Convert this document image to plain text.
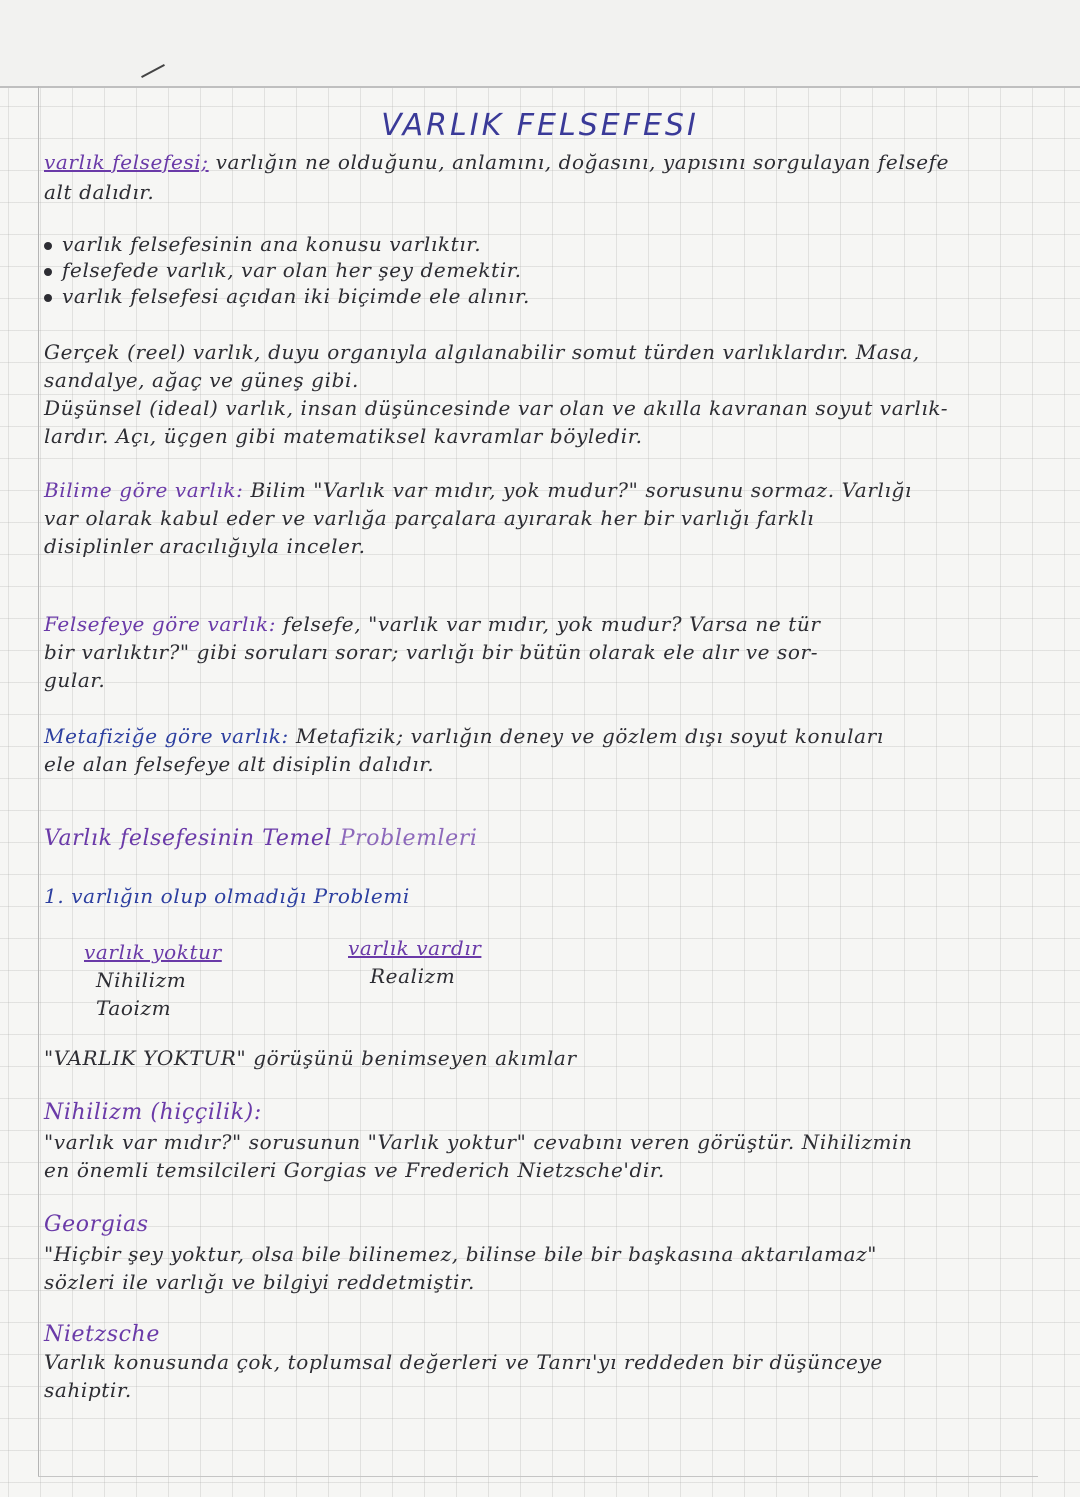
VARLIK FELSEFESI
varlık felsefesi; varlığın ne olduğunu, anlamını, doğasını, yapısını sorgulayan felsefe
alt dalıdır.
varlık felsefesinin ana konusu varlıktır.
felsefede varlık, var olan her şey demektir.
varlık felsefesi açıdan iki biçimde ele alınır.
Gerçek (reel) varlık, duyu organıyla algılanabilir somut türden varlıklardır. Masa,
sandalye, ağaç ve güneş gibi.
Düşünsel (ideal) varlık, insan düşüncesinde var olan ve akılla kavranan soyut varlık-
lardır. Açı, üçgen gibi matematiksel kavramlar böyledir.
Bilime göre varlık: Bilim "Varlık var mıdır, yok mudur?" sorusunu sormaz. Varlığı
var olarak kabul eder ve varlığa parçalara ayırarak her bir varlığı farklı
disiplinler aracılığıyla inceler.
Felsefeye göre varlık: felsefe, "varlık var mıdır, yok mudur? Varsa ne tür
bir varlıktır?" gibi soruları sorar; varlığı bir bütün olarak ele alır ve sor-
gular.
Metafiziğe göre varlık: Metafizik; varlığın deney ve gözlem dışı soyut konuları
ele alan felsefeye alt disiplin dalıdır.
Varlık felsefesinin Temel Problemleri
1. varlığın olup olmadığı Problemi
varlık yoktur
Nihilizm
Taoizm
varlık vardır
Realizm
"VARLIK YOKTUR" görüşünü benimseyen akımlar
Nihilizm (hiççilik):
"varlık var mıdır?" sorusunun "Varlık yoktur" cevabını veren görüştür. Nihilizmin
en önemli temsilcileri Gorgias ve Frederich Nietzsche'dir.
Georgias
"Hiçbir şey yoktur, olsa bile bilinemez, bilinse bile bir başkasına aktarılamaz"
sözleri ile varlığı ve bilgiyi reddetmiştir.
Nietzsche
Varlık konusunda çok, toplumsal değerleri ve Tanrı'yı reddeden bir düşünceye
sahiptir.
